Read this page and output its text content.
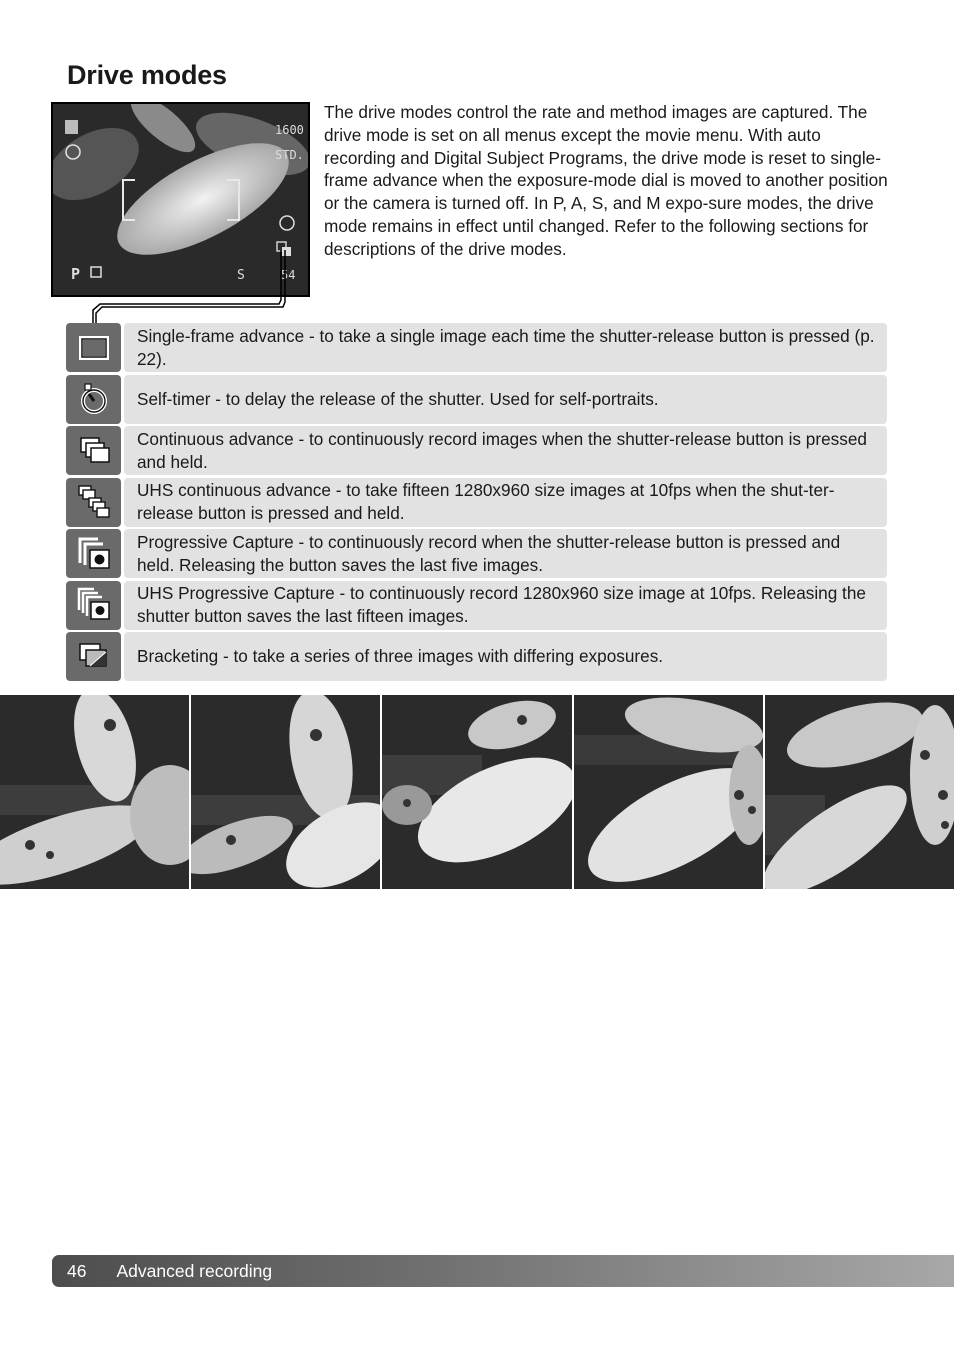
Drive modes
1600
STD.
P	S	54

The drive modes control the rate and method images are captured. The drive mode is set on all menus except the movie menu. With auto recording and Digital Subject Programs, the drive mode is reset to single-frame advance when the exposure-mode dial is moved to another position or the camera is turned off. In P, A, S, and M expo-sure modes, the drive mode remains in effect until changed. Refer to the following sections for descriptions of the drive modes.

Single-frame advance - to take a single image each time the shutter-release button is pressed (p. 22).
Self-timer - to delay the release of the shutter. Used for self-portraits.
Continuous advance - to continuously record images when the shutter-release button is pressed and held.
UHS continuous advance - to take fifteen 1280x960 size images at 10fps when the shut-ter-release button is pressed and held.
Progressive Capture - to continuously record when the shutter-release button is pressed and held. Releasing the button saves the last five images.
UHS Progressive Capture - to continuously record 1280x960 size image at 10fps. Releasing the shutter button saves the last fifteen images.
Bracketing - to take a series of three images with differing exposures.
46 Advanced recording
